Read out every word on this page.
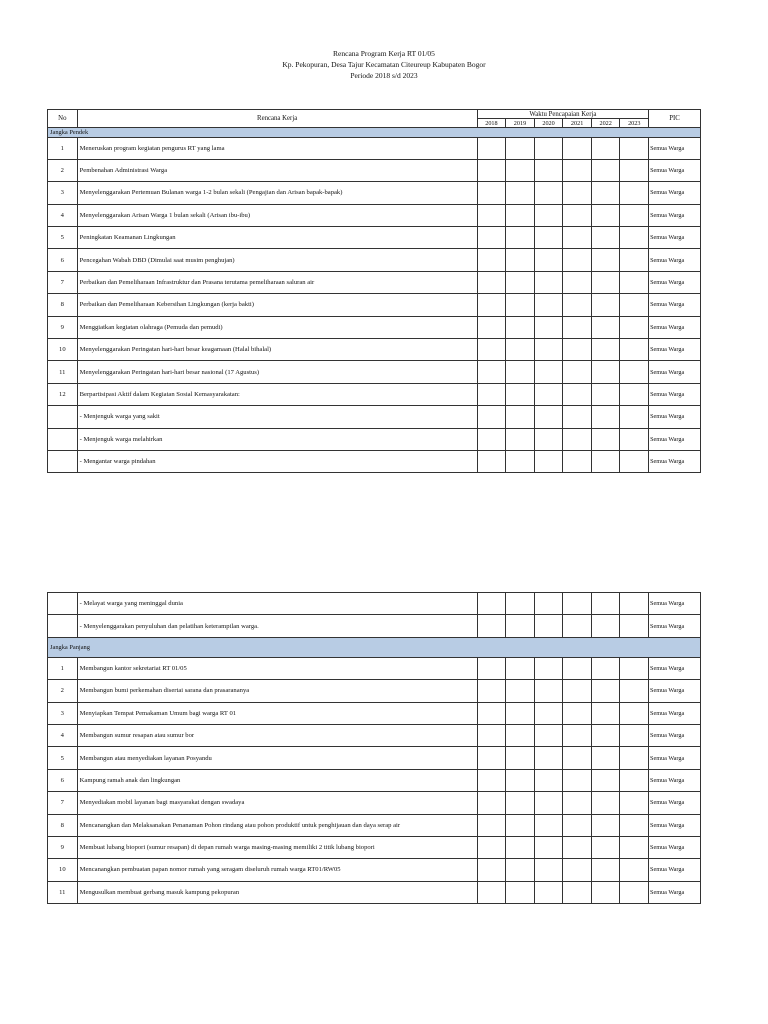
Rencana Program Kerja RT 01/05
Kp. Pekopuran, Desa Tajur Kecamatan Citeureup Kabupaten Bogor
Periode 2018 s/d 2023
No	Rencana Kerja	Waktu Pencapaian Kerja						PIC
		2018	2019	2020	2021	2022	2023	
Jangka Pendek								
1	Meneruskan program kegiatan pengurus RT yang lama							Semua Warga
2	Pembenahan Administrasi Warga							Semua Warga
3	Menyelenggarakan Pertemuan Bulanan warga 1-2 bulan sekali (Pengajian dan Arisan bapak-bapak)							Semua Warga
4	Menyelenggarakan Arisan Warga 1 bulan sekali (Arisan ibu-ibu)							Semua Warga
5	Peningkatan Keamanan Lingkungan							Semua Warga
6	Pencegahan Wabah DBD (Dimulai saat musim penghujan)							Semua Warga
7	Perbaikan dan Pemeliharaan Infrastruktur dan Prasana terutama pemeliharaan saluran air							Semua Warga
8	Perbaikan dan Pemeliharaan Kebersihan Lingkungan (kerja bakti)							Semua Warga
9	Menggiatkan kegiatan olahraga (Pemuda dan pemudi)							Semua Warga
10	Menyelenggarakan Peringatan hari-hari besar keagamaan (Halal bihalal)							Semua Warga
11	Menyelenggarakan Peringatan hari-hari besar nasional (17 Agustus)							Semua Warga
12	Berpartisipasi Aktif dalam Kegiatan Sosial Kemasyarakatan:							Semua Warga
	- Menjenguk warga yang sakit							Semua Warga
	- Menjenguk warga melahirkan							Semua Warga
	- Mengantar warga pindahan							Semua Warga
	- Melayat warga yang meninggal dunia							Semua Warga
	- Menyelenggarakan penyuluhan dan pelatihan keterampilan warga.							Semua Warga
Jangka Panjang								
1	Membangun kantor sekretariat RT 01/05							Semua Warga
2	Membangun bumi perkemahan disertai sarana dan prasarananya							Semua Warga
3	Menyiapkan Tempat Pemakaman Umum bagi warga RT 01							Semua Warga
4	Membangun sumur resapan atau sumur bor							Semua Warga
5	Membangun atau menyediakan layanan Posyandu							Semua Warga
6	Kampung ramah anak dan lingkungan							Semua Warga
7	Menyediakan mobil layanan bagi masyarakat dengan swadaya							Semua Warga
8	Mencanangkan dan Melaksanakan Penanaman Pohon rindang atau pohon produktif untuk penghijauan dan daya serap air							Semua Warga
9	Membuat lubang biopori (sumur resapan) di depan rumah warga masing-masing memiliki 2 titik lubang biopori							Semua Warga
10	Mencanangkan pembuatan papan nomor rumah yang seragam diseluruh rumah warga RT01/RW05							Semua Warga
11	Mengusulkan membuat gerbang masuk kampung pekopuran							Semua Warga
